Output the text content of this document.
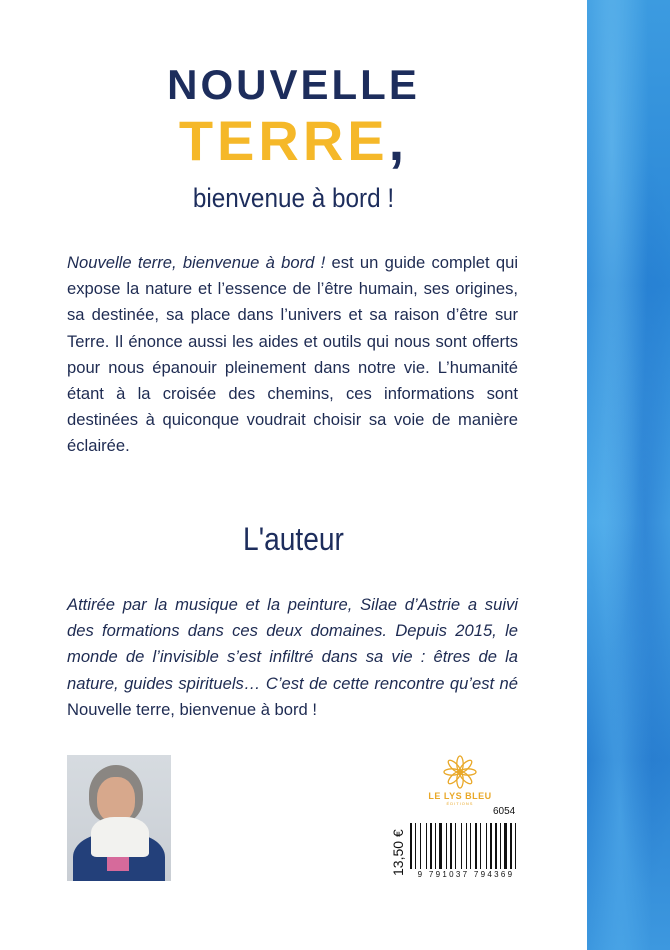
NOUVELLE
TERRE,
bienvenue à bord !

Nouvelle terre, bienvenue à bord ! est un guide complet qui expose la nature et l’essence de l’être humain, ses origines, sa destinée, sa place dans l’univers et sa raison d’être sur Terre. Il énonce aussi les aides et outils qui nous sont offerts pour nous épanouir pleinement dans notre vie. L’humanité étant à la croisée des chemins, ces informations sont destinées à quiconque voudrait choisir sa voie de manière éclairée.

L'auteur

Attirée par la musique et la peinture, Silae d’Astrie a suivi des formations dans ces deux domaines. Depuis 2015, le monde de l’invisible s’est infiltré dans sa vie : êtres de la nature, guides spirituels… C’est de cette rencontre qu’est né Nouvelle terre, bienvenue à bord !

LE LYS BLEU
ÉDITIONS
6054
13,50 €	9 791037 794369
